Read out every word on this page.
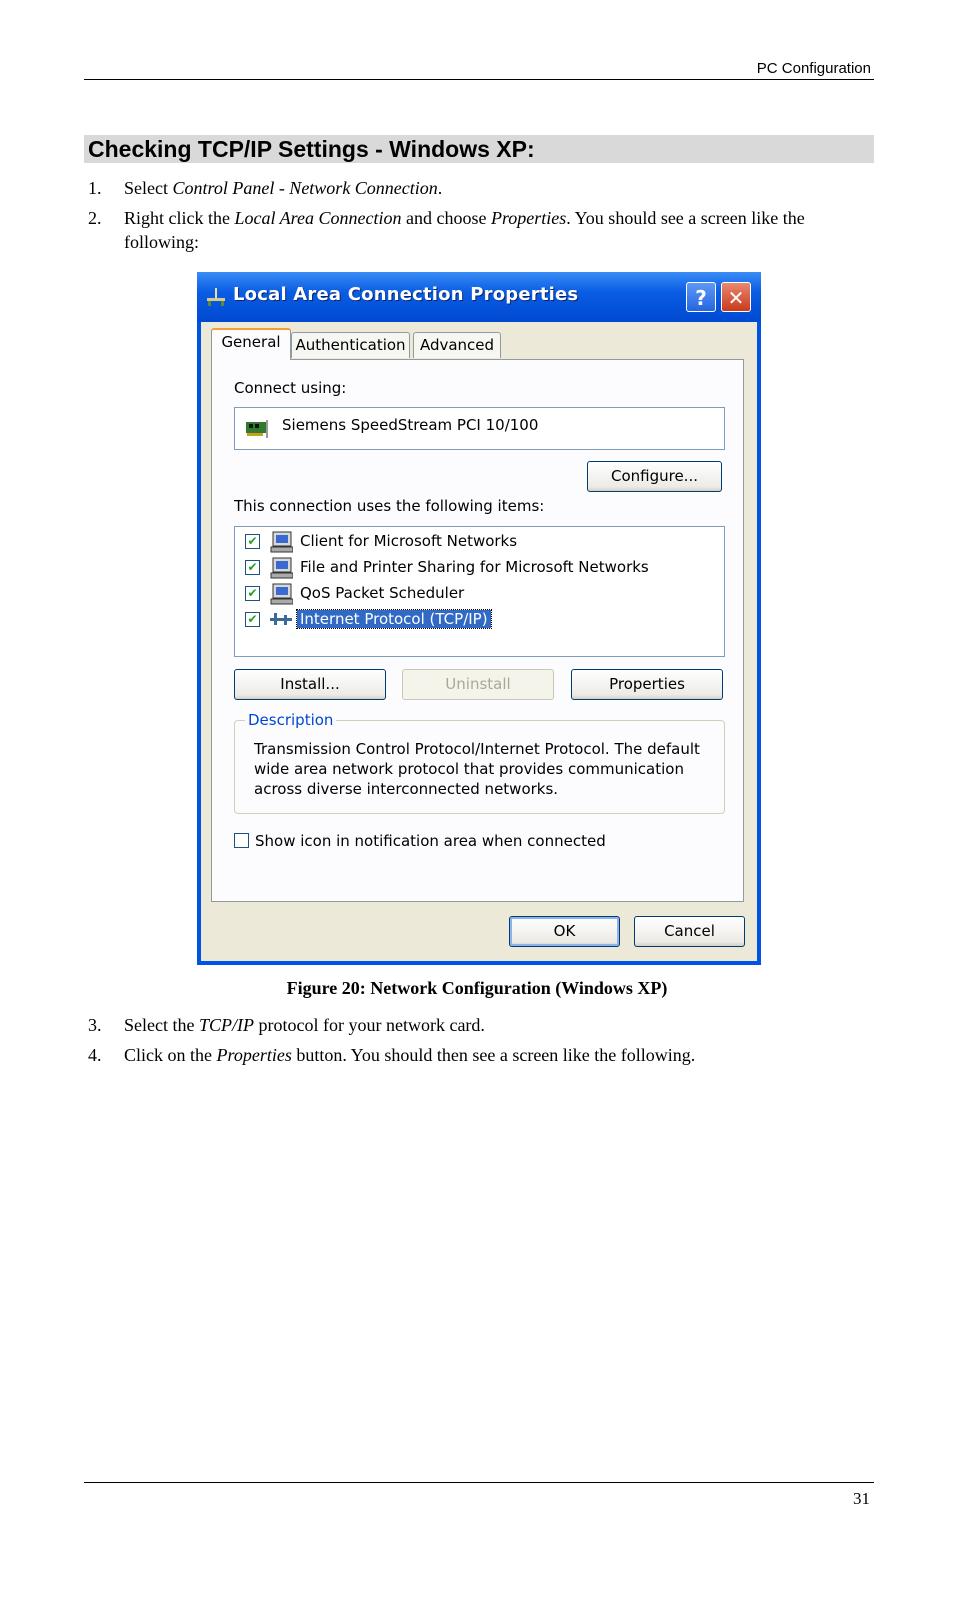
PC Configuration
Checking TCP/IP Settings - Windows XP:
1. Select Control Panel - Network Connection.
2. Right click the Local Area Connection and choose Properties. You should see a screen like the following:
Local Area Connection Properties	?	✕
General Authentication Advanced
Connect using:
Siemens SpeedStream PCI 10/100
Configure...
This connection uses the following items:
✔	Client for Microsoft Networks
✔	File and Printer Sharing for Microsoft Networks
✔	QoS Packet Scheduler
✔	Internet Protocol (TCP/IP)
Install...	Uninstall	Properties
Description
Transmission Control Protocol/Internet Protocol. The default wide area network protocol that provides communication across diverse interconnected networks.
Show icon in notification area when connected
OK	Cancel
Figure 20: Network Configuration (Windows XP)
3. Select the TCP/IP protocol for your network card.
4. Click on the Properties button. You should then see a screen like the following.
31
